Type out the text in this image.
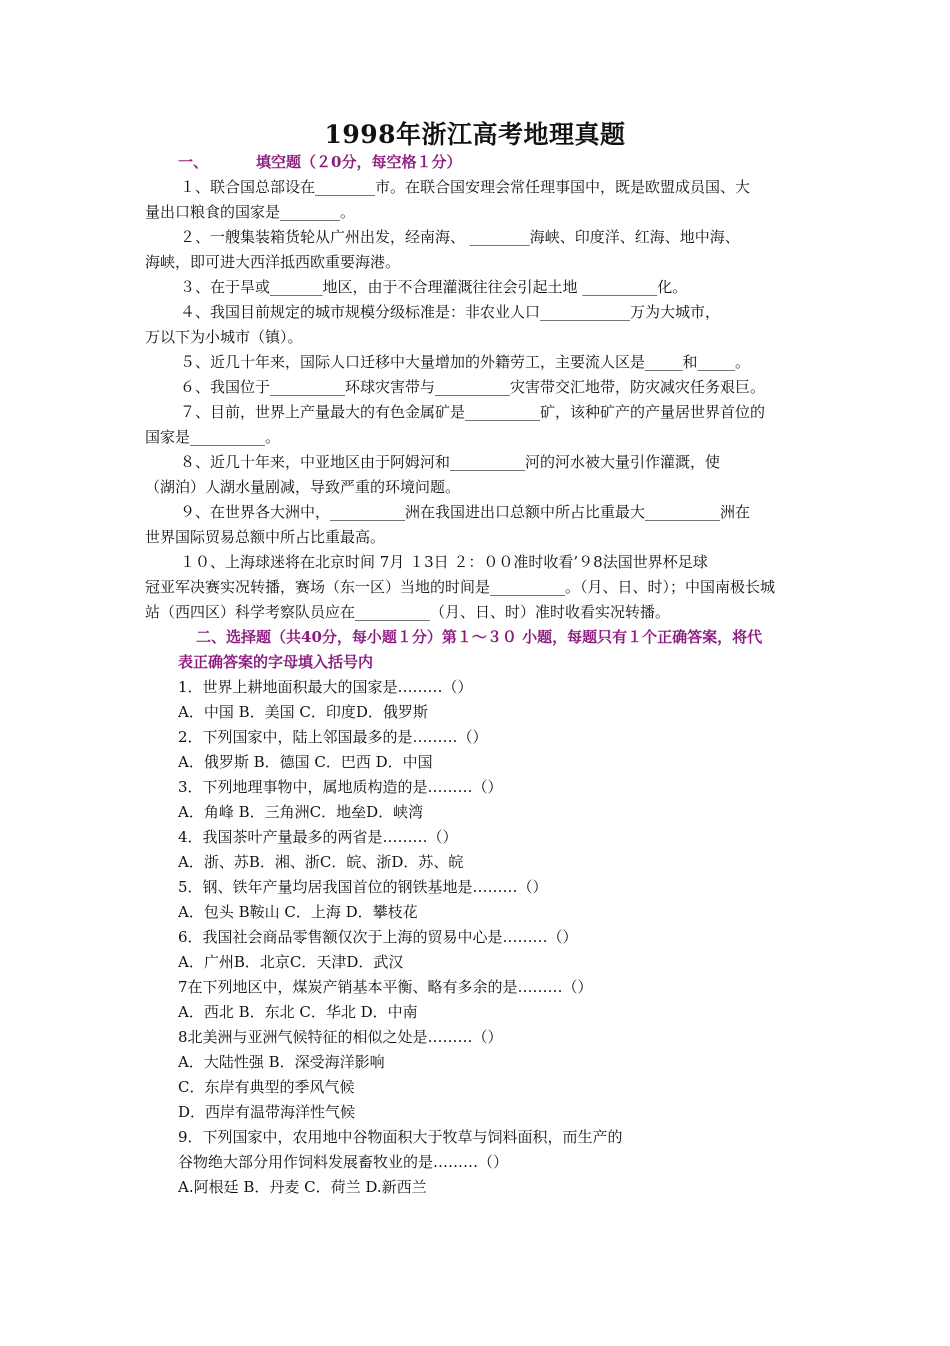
1998年浙江高考地理真题
一、	填空题（２0分，每空格１分）
１、联合国总部设在________市。在联合国安理会常任理事国中，既是欧盟成员国、大
量出口粮食的国家是________。
２、一艘集装箱货轮从广州出发，经南海、 ________海峡、印度洋、红海、地中海、
海峡，即可进大西洋抵西欧重要海港。
３、在于旱或_______地区，由于不合理灌溉往往会引起土地 __________化。
４、我国目前规定的城市规模分级标准是：非农业人口____________万为大城市，
万以下为小城市（镇）。
５、近几十年来，国际人口迁移中大量增加的外籍劳工，主要流人区是_____和_____。
６、我国位于__________环球灾害带与__________灾害带交汇地带，防灾减灾任务艰巨。
７、目前，世界上产量最大的有色金属矿是__________矿，该种矿产的产量居世界首位的
国家是__________。
８、近几十年来，中亚地区由于阿姆河和__________河的河水被大量引作灌溉，使
（湖泊）人湖水量剧减，导致严重的环境问题。
９、在世界各大洲中，__________洲在我国进出口总额中所占比重最大__________洲在
世界国际贸易总额中所占比重最高。
１０、上海球迷将在北京时间 7月 １3日 ２：００准时收看’９8法国世界杯足球
冠亚军决赛实况转播，赛场（东一区）当地的时间是__________。（月、日、时）；中国南极长城
站（西四区）科学考察队员应在__________（月、日、时）准时收看实况转播。
二、选择题（共40分，每小题１分）第１～３０ 小题，每题只有１个正确答案，将代
表正确答案的字母填入括号内
1．世界上耕地面积最大的国家是………（）
A．中国 B．美国 C．印度D．俄罗斯
2．下列国家中，陆上邻国最多的是………（）
A．俄罗斯 B．德国 C．巴西 D．中国
3．下列地理事物中，属地质构造的是………（）
A．角峰 B．三角洲C．地垒D．峡湾
4．我国茶叶产量最多的两省是………（）
A．浙、苏B．湘、浙C．皖、浙D．苏、皖
5．钢、铁年产量均居我国首位的钢铁基地是………（）
A．包头 B鞍山 C．上海 D．攀枝花
6．我国社会商品零售额仅次于上海的贸易中心是………（）
A．广州B．北京C．天津D．武汉
7在下列地区中，煤炭产销基本平衡、略有多余的是………（）
A．西北 B．东北 C．华北 D．中南
8北美洲与亚洲气候特征的相似之处是………（）
A．大陆性强 B．深受海洋影响
C．东岸有典型的季风气候
D．西岸有温带海洋性气候
9．下列国家中，农用地中谷物面积大于牧草与饲料面积，而生产的
谷物绝大部分用作饲料发展畜牧业的是………（）
A.阿根廷 B．丹麦 C．荷兰 D.新西兰
